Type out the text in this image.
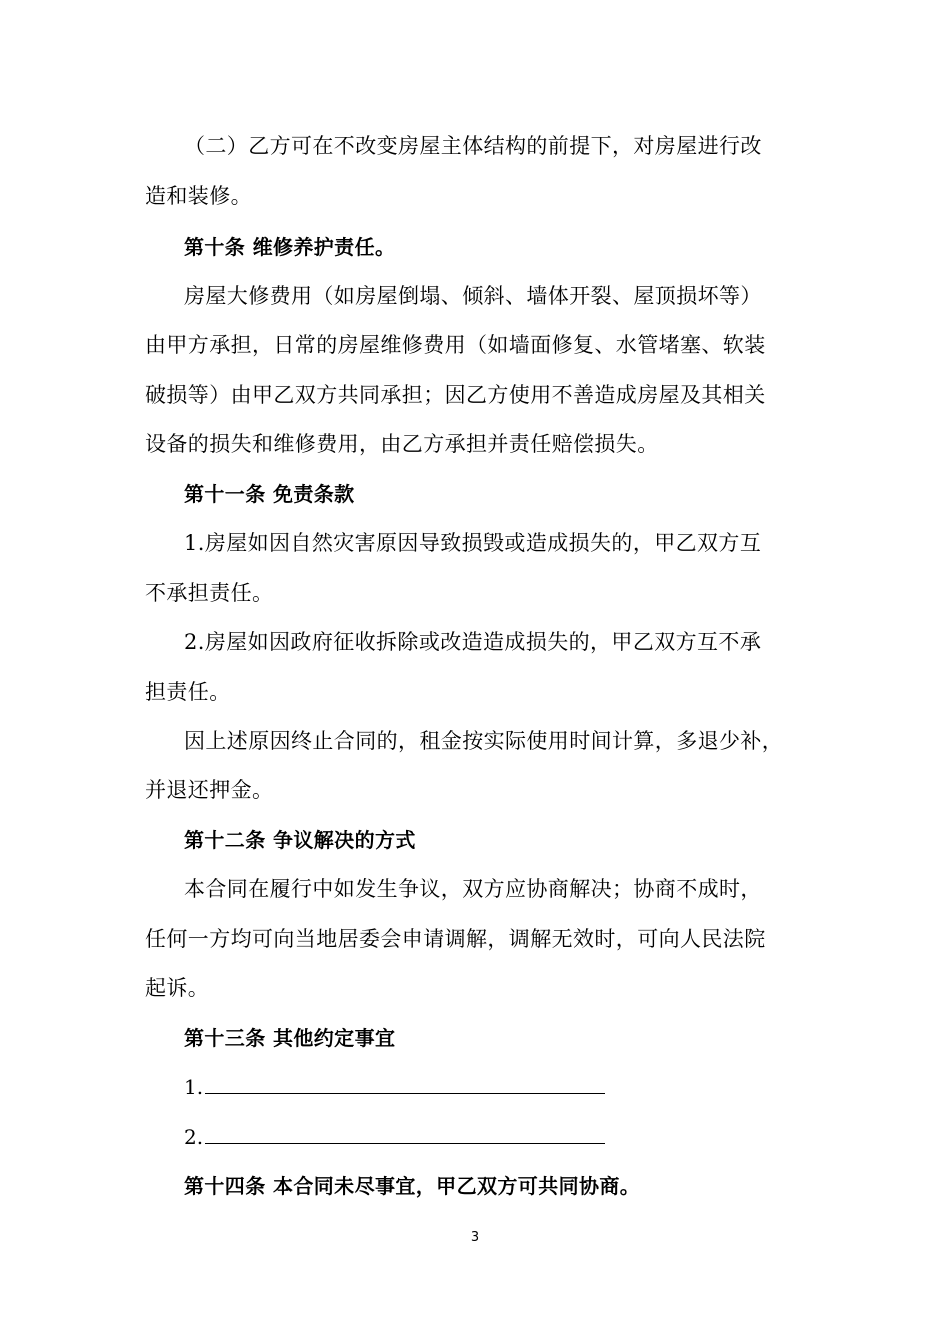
（二）乙方可在不改变房屋主体结构的前提下，对房屋进行改
造和装修。
第十条 维修养护责任。
房屋大修费用（如房屋倒塌、倾斜、墙体开裂、屋顶损坏等）
由甲方承担，日常的房屋维修费用（如墙面修复、水管堵塞、软装
破损等）由甲乙双方共同承担；因乙方使用不善造成房屋及其相关
设备的损失和维修费用，由乙方承担并责任赔偿损失。
第十一条 免责条款
1.房屋如因自然灾害原因导致损毁或造成损失的，甲乙双方互
不承担责任。
2.房屋如因政府征收拆除或改造造成损失的，甲乙双方互不承
担责任。
因上述原因终止合同的，租金按实际使用时间计算，多退少补，
并退还押金。
第十二条 争议解决的方式
本合同在履行中如发生争议，双方应协商解决；协商不成时，
任何一方均可向当地居委会申请调解，调解无效时，可向人民法院
起诉。
第十三条 其他约定事宜
1.
2.
第十四条 本合同未尽事宜，甲乙双方可共同协商。
3
